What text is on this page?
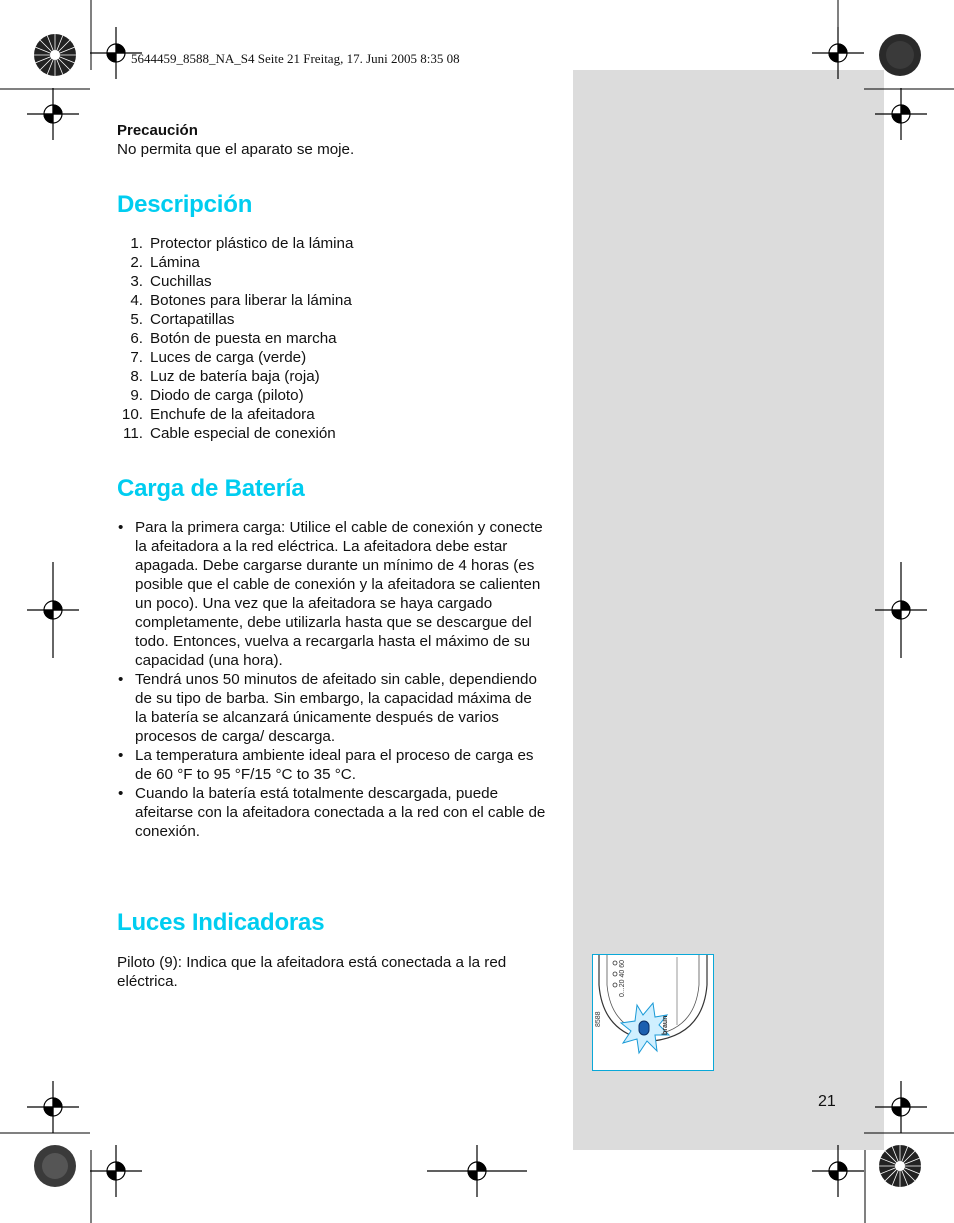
5644459_8588_NA_S4 Seite 21 Freitag, 17. Juni 2005 8:35 08
Precaución
No permita que el aparato se moje.
Descripción
1. Protector plástico de la lámina
2. Lámina
3. Cuchillas
4. Botones para liberar la lámina
5. Cortapatillas
6. Botón de puesta en marcha
7. Luces de carga (verde)
8. Luz de batería baja (roja)
9. Diodo de carga (piloto)
10. Enchufe de la afeitadora
11. Cable especial de conexión
Carga de Batería
• Para la primera carga: Utilice el cable de conexión y conecte la afeitadora a la red eléctrica. La afeitadora debe estar apagada. Debe cargarse durante un mínimo de 4 horas (es posible que el cable de conexión y la afeitadora se calienten un poco). Una vez que la afeitadora se haya cargado completamente, debe utilizarla hasta que se descargue del todo. Entonces, vuelva a recargarla hasta el máximo de su capacidad (una hora).
• Tendrá unos 50 minutos de afeitado sin cable, dependiendo de su tipo de barba. Sin embargo, la capacidad máxima de la batería se alcanzará únicamente después de varios procesos de carga/ descarga.
• La temperatura ambiente ideal para el proceso de carga es de 60 °F to 95 °F/15 °C to 35 °C.
• Cuando la batería está totalmente descargada, puede afeitarse con la afeitadora conectada a la red con el cable de conexión.
Luces Indicadoras
Piloto (9): Indica que la afeitadora está conectada a la red eléctrica.	0...20 40 60
8588	braun
21
